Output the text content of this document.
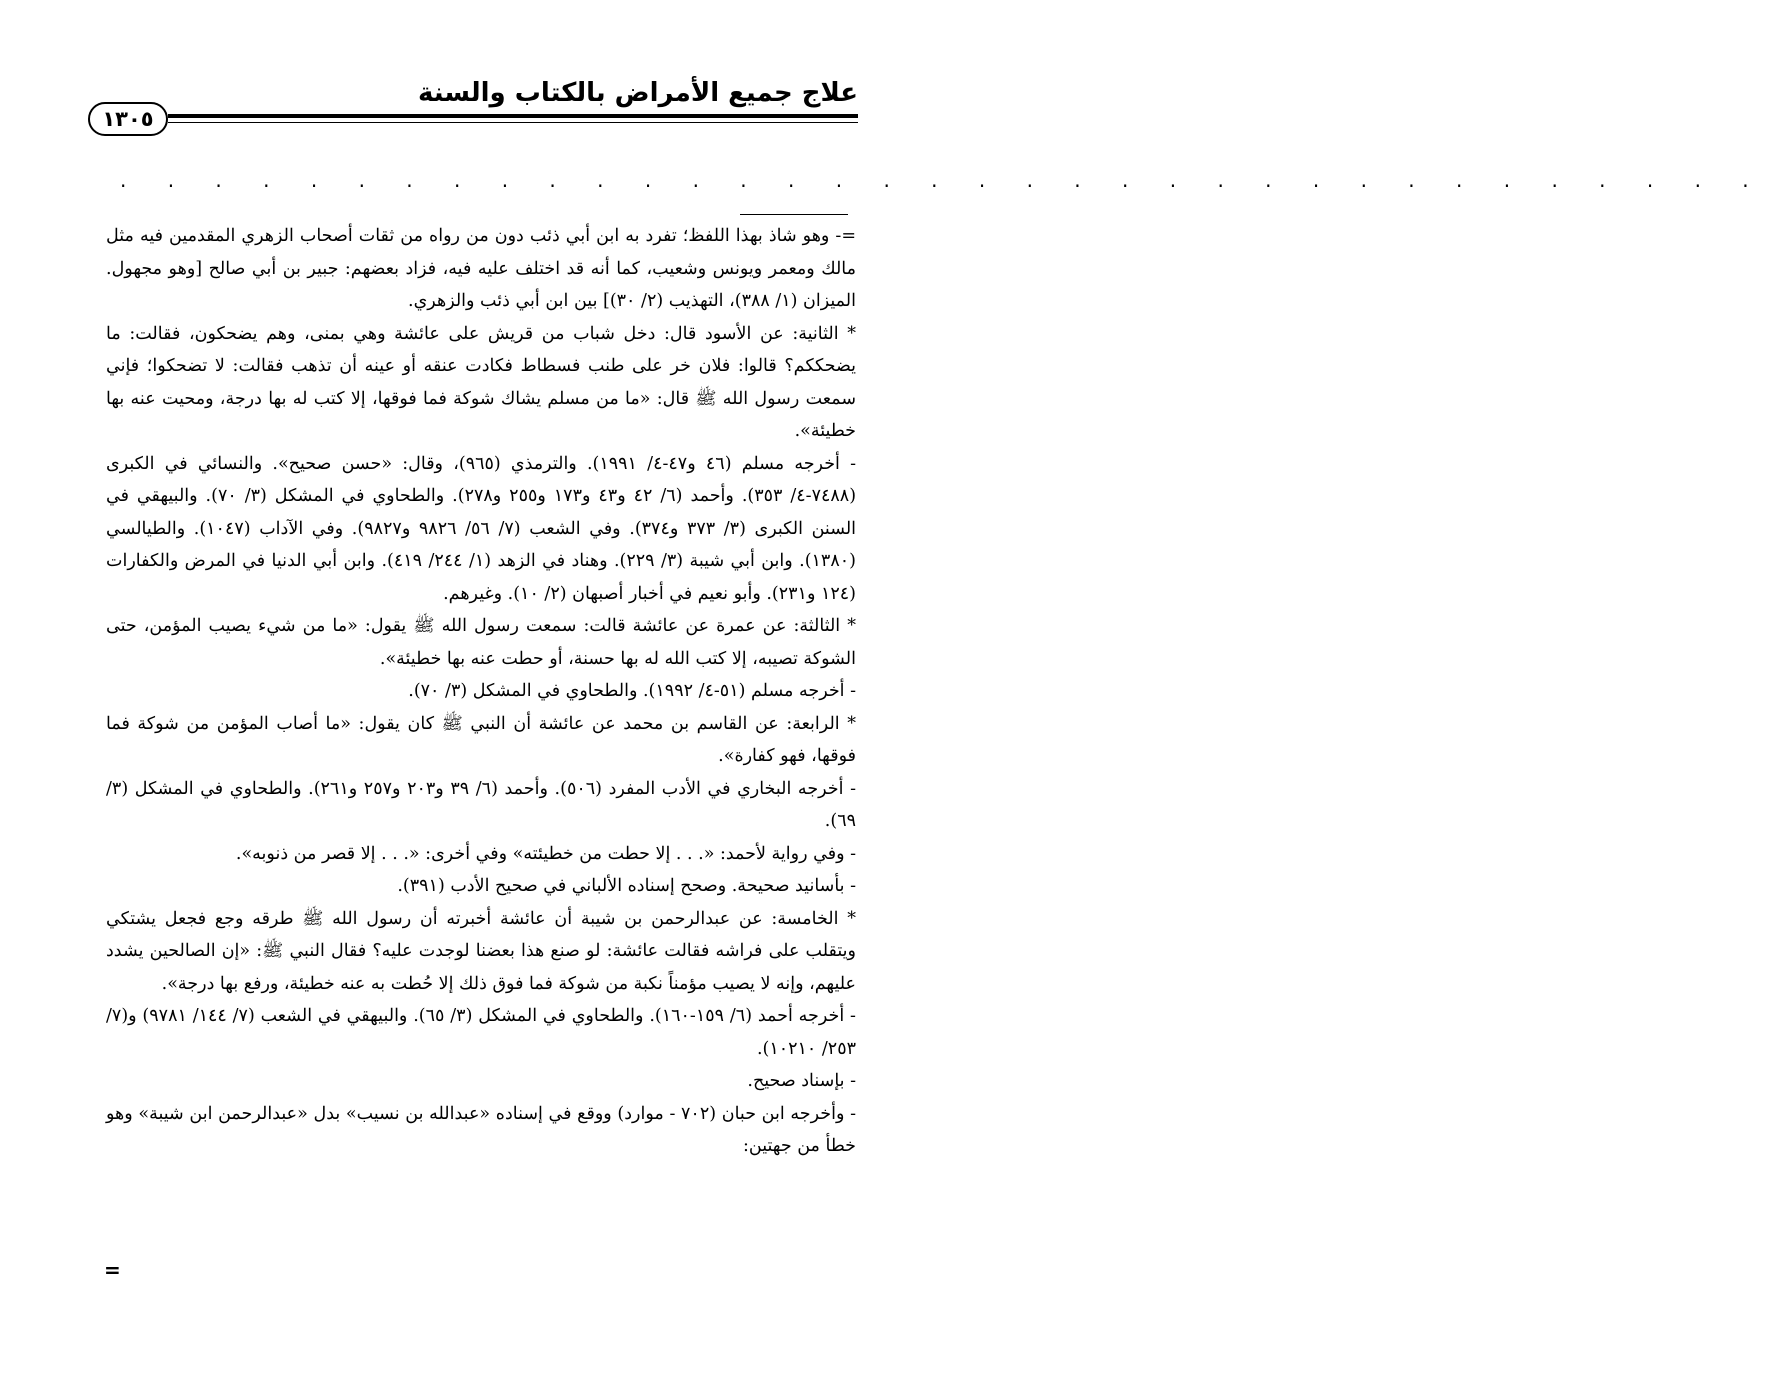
علاج جميع الأمراض بالكتاب والسنة
١٣٠٥
. . . . . . . . . . . . . . . . . . . . . . . . . . . . . . . . . . .

=- وهو شاذ بهذا اللفظ؛ تفرد به ابن أبي ذئب دون من رواه من ثقات أصحاب الزهري المقدمين فيه مثل مالك ومعمر ويونس وشعيب، كما أنه قد اختلف عليه فيه، فزاد بعضهم: جبير بن أبي صالح [وهو مجهول. الميزان (١/ ٣٨٨)، التهذيب (٢/ ٣٠)] بين ابن أبي ذئب والزهري.

* الثانية: عن الأسود قال: دخل شباب من قريش على عائشة وهي بمنى، وهم يضحكون، فقالت: ما يضحككم؟ قالوا: فلان خر على طنب فسطاط فكادت عنقه أو عينه أن تذهب فقالت: لا تضحكوا؛ فإني سمعت رسول الله ﷺ قال: «ما من مسلم يشاك شوكة فما فوقها، إلا كتب له بها درجة، ومحيت عنه بها خطيئة».

- أخرجه مسلم (٤٦ و٤٧-٤/ ١٩٩١). والترمذي (٩٦٥)، وقال: «حسن صحيح». والنسائي في الكبرى (٧٤٨٨-٤/ ٣٥٣). وأحمد (٦/ ٤٢ و٤٣ و١٧٣ و٢٥٥ و٢٧٨). والطحاوي في المشكل (٣/ ٧٠). والبيهقي في السنن الكبرى (٣/ ٣٧٣ و٣٧٤). وفي الشعب (٧/ ٥٦/ ٩٨٢٦ و٩٨٢٧). وفي الآداب (١٠٤٧). والطيالسي (١٣٨٠). وابن أبي شيبة (٣/ ٢٢٩). وهناد في الزهد (١/ ٢٤٤/ ٤١٩). وابن أبي الدنيا في المرض والكفارات (١٢٤ و٢٣١). وأبو نعيم في أخبار أصبهان (٢/ ١٠). وغيرهم.

* الثالثة: عن عمرة عن عائشة قالت: سمعت رسول الله ﷺ يقول: «ما من شيء يصيب المؤمن، حتى الشوكة تصيبه، إلا كتب الله له بها حسنة، أو حطت عنه بها خطيئة».

- أخرجه مسلم (٥١-٤/ ١٩٩٢). والطحاوي في المشكل (٣/ ٧٠).

* الرابعة: عن القاسم بن محمد عن عائشة أن النبي ﷺ كان يقول: «ما أصاب المؤمن من شوكة فما فوقها، فهو كفارة».

- أخرجه البخاري في الأدب المفرد (٥٠٦). وأحمد (٦/ ٣٩ و٢٠٣ و٢٥٧ و٢٦١). والطحاوي في المشكل (٣/ ٦٩).

- وفي رواية لأحمد: «. . . إلا حطت من خطيئته» وفي أخرى: «. . . إلا قصر من ذنوبه».

- بأسانيد صحيحة. وصحح إسناده الألباني في صحيح الأدب (٣٩١).

* الخامسة: عن عبدالرحمن بن شيبة أن عائشة أخبرته أن رسول الله ﷺ طرقه وجع فجعل يشتكي ويتقلب على فراشه فقالت عائشة: لو صنع هذا بعضنا لوجدت عليه؟ فقال النبي ﷺ: «إن الصالحين يشدد عليهم، وإنه لا يصيب مؤمناً نكبة من شوكة فما فوق ذلك إلا حُطت به عنه خطيئة، ورفع بها درجة».

- أخرجه أحمد (٦/ ١٥٩-١٦٠). والطحاوي في المشكل (٣/ ٦٥). والبيهقي في الشعب (٧/ ١٤٤/ ٩٧٨١) و(٧/ ٢٥٣/ ١٠٢١٠).

- بإسناد صحيح.

- وأخرجه ابن حبان (٧٠٢ - موارد) ووقع في إسناده «عبدالله بن نسيب» بدل «عبدالرحمن ابن شيبة» وهو خطأ من جهتين:

=
